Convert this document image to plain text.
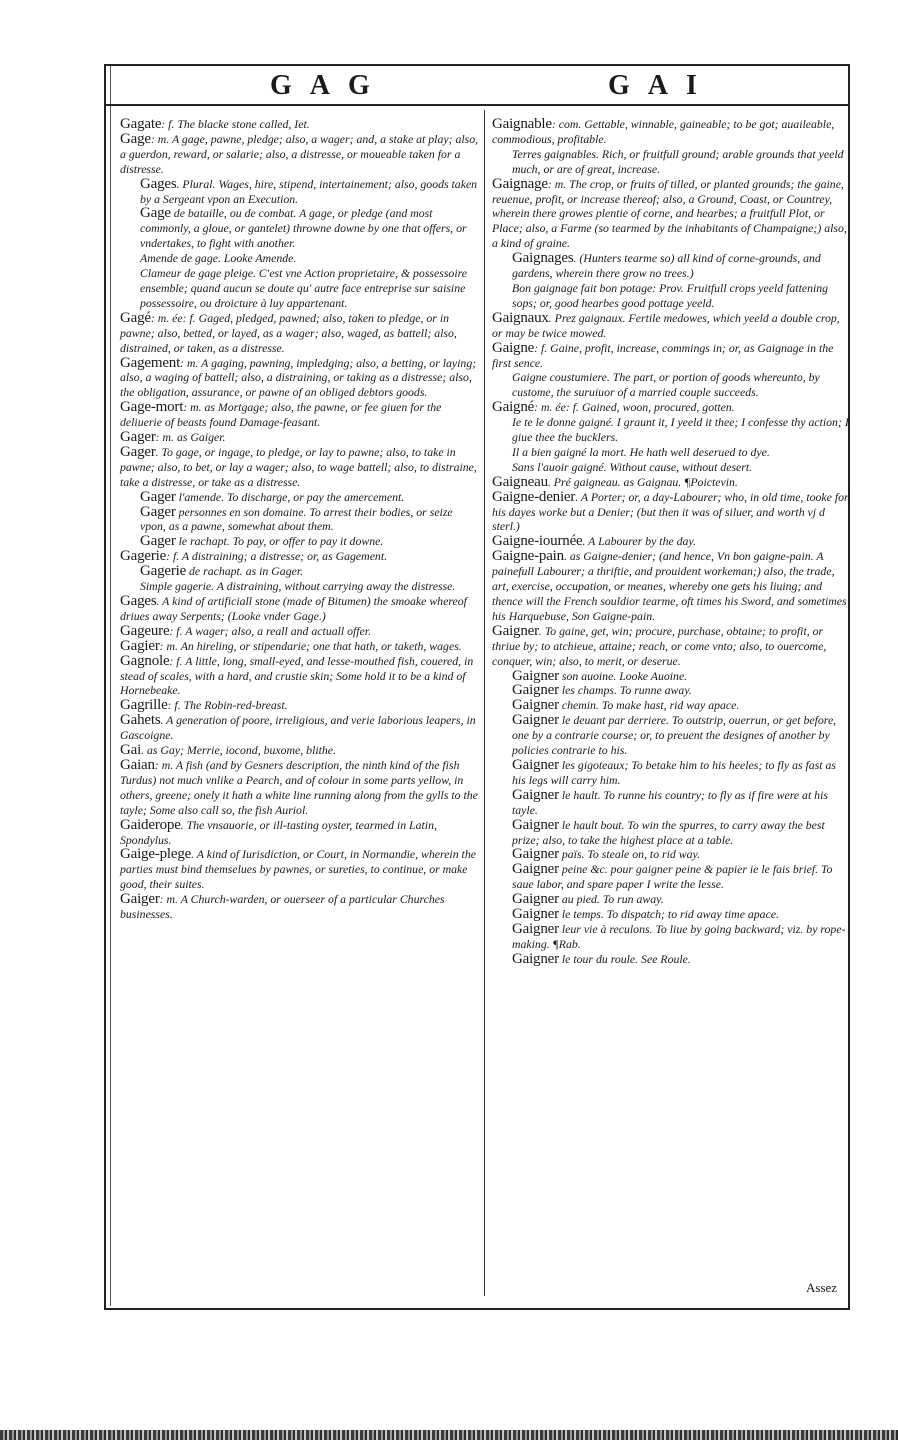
GAG	GAI

Gagate: f. The blacke stone called, Iet.

Gage: m. A gage, pawne, pledge; also, a wager; and, a stake at play; also, a guerdon, reward, or salarie; also, a distresse, or moueable taken for a distresse.

Gages. Plural. Wages, hire, stipend, intertainement; also, goods taken by a Sergeant vpon an Execution.

Gage de bataille, ou de combat. A gage, or pledge (and most commonly, a gloue, or gantelet) throwne downe by one that offers, or vndertakes, to fight with another.

Amende de gage. Looke Amende.

Clameur de gage pleige. C'est vne Action proprietaire, & possessoire ensemble; quand aucun se doute qu' autre face entreprise sur saisine possessoire, ou droicture à luy appartenant.

Gagé: m. ée: f. Gaged, pledged, pawned; also, taken to pledge, or in pawne; also, betted, or layed, as a wager; also, waged, as battell; also, distrained, or taken, as a distresse.

Gagement: m. A gaging, pawning, impledging; also, a betting, or laying; also, a waging of battell; also, a distraining, or taking as a distresse; also, the obligation, assurance, or pawne of an obliged debtors goods.

Gage-mort: m. as Mortgage; also, the pawne, or fee giuen for the deliuerie of beasts found Damage-feasant.

Gager: m. as Gaiger.

Gager. To gage, or ingage, to pledge, or lay to pawne; also, to take in pawne; also, to bet, or lay a wager; also, to wage battell; also, to distraine, take a distresse, or take as a distresse.

Gager l'amende. To discharge, or pay the amercement.

Gager personnes en son domaine. To arrest their bodies, or seize vpon, as a pawne, somewhat about them.

Gager le rachapt. To pay, or offer to pay it downe.

Gagerie: f. A distraining; a distresse; or, as Gagement.

Gagerie de rachapt. as in Gager.

Simple gagerie. A distraining, without carrying away the distresse.

Gages. A kind of artificiall stone (made of Bitumen) the smoake whereof driues away Serpents; (Looke vnder Gage.)

Gageure: f. A wager; also, a reall and actuall offer.

Gagier: m. An hireling, or stipendarie; one that hath, or taketh, wages.

Gagnole: f. A little, long, small-eyed, and lesse-mouthed fish, couered, in stead of scales, with a hard, and crustie skin; Some hold it to be a kind of Hornebeake.

Gagrille: f. The Robin-red-breast.

Gahets. A generation of poore, irreligious, and verie laborious leapers, in Gascoigne.

Gai. as Gay; Merrie, iocond, buxome, blithe.

Gaian: m. A fish (and by Gesners description, the ninth kind of the fish Turdus) not much vnlike a Pearch, and of colour in some parts yellow, in others, greene; onely it hath a white line running along from the gylls to the tayle; Some also call so, the fish Auriol.

Gaiderope. The vnsauorie, or ill-tasting oyster, tearmed in Latin, Spondylus.

Gaige-plege. A kind of Iurisdiction, or Court, in Normandie, wherein the parties must bind themselues by pawnes, or sureties, to continue, or make good, their suites.

Gaiger: m. A Church-warden, or ouerseer of a particular Churches businesses.

Gaignable: com. Gettable, winnable, gaineable; to be got; auaileable, commodious, profitable.

Terres gaignables. Rich, or fruitfull ground; arable grounds that yeeld much, or are of great, increase.

Gaignage: m. The crop, or fruits of tilled, or planted grounds; the gaine, reuenue, profit, or increase thereof; also, a Ground, Coast, or Countrey, wherein there growes plentie of corne, and hearbes; a fruitfull Plot, or Place; also, a Farme (so tearmed by the inhabitants of Champaigne;) also, a kind of graine.

Gaignages. (Hunters tearme so) all kind of corne-grounds, and gardens, wherein there grow no trees.)

Bon gaignage fait bon potage: Prov. Fruitfull crops yeeld fattening sops; or, good hearbes good pottage yeeld.

Gaignaux. Prez gaignaux. Fertile medowes, which yeeld a double crop, or may be twice mowed.

Gaigne: f. Gaine, profit, increase, commings in; or, as Gaignage in the first sence.

Gaigne coustumiere. The part, or portion of goods whereunto, by custome, the suruiuor of a married couple succeeds.

Gaigné: m. ée: f. Gained, woon, procured, gotten.

Ie te le donne gaigné. I graunt it, I yeeld it thee; I confesse thy action; I giue thee the bucklers.

Il a bien gaigné la mort. He hath well deserued to dye.

Sans l'auoir gaigné. Without cause, without desert.

Gaigneau. Pré gaigneau. as Gaignau. ¶Poictevin.

Gaigne-denier. A Porter; or, a day-Labourer; who, in old time, tooke for his dayes worke but a Denier; (but then it was of siluer, and worth vj d sterl.)

Gaigne-iournée. A Labourer by the day.

Gaigne-pain. as Gaigne-denier; (and hence, Vn bon gaigne-pain. A painefull Labourer; a thriftie, and prouident workeman;) also, the trade, art, exercise, occupation, or meanes, whereby one gets his liuing; and thence will the French souldior tearme, oft times his Sword, and sometimes his Harquebuse, Son Gaigne-pain.

Gaigner. To gaine, get, win; procure, purchase, obtaine; to profit, or thriue by; to atchieue, attaine; reach, or come vnto; also, to ouercome, conquer, win; also, to merit, or deserue.

Gaigner son auoine. Looke Auoine.

Gaigner les champs. To runne away.

Gaigner chemin. To make hast, rid way apace.

Gaigner le deuant par derriere. To outstrip, ouerrun, or get before, one by a contrarie course; or, to preuent the designes of another by policies contrarie to his.

Gaigner les gigoteaux; To betake him to his heeles; to fly as fast as his legs will carry him.

Gaigner le hault. To runne his country; to fly as if fire were at his tayle.

Gaigner le hault bout. To win the spurres, to carry away the best prize; also, to take the highest place at a table.

Gaigner païs. To steale on, to rid way.

Gaigner peine &c. pour gaigner peine & papier ie le fais brief. To saue labor, and spare paper I write the lesse.

Gaigner au pied. To run away.

Gaigner le temps. To dispatch; to rid away time apace.

Gaigner leur vie à reculons. To liue by going backward; viz. by rope-making. ¶Rab.

Gaigner le tour du roule. See Roule.

Assez
